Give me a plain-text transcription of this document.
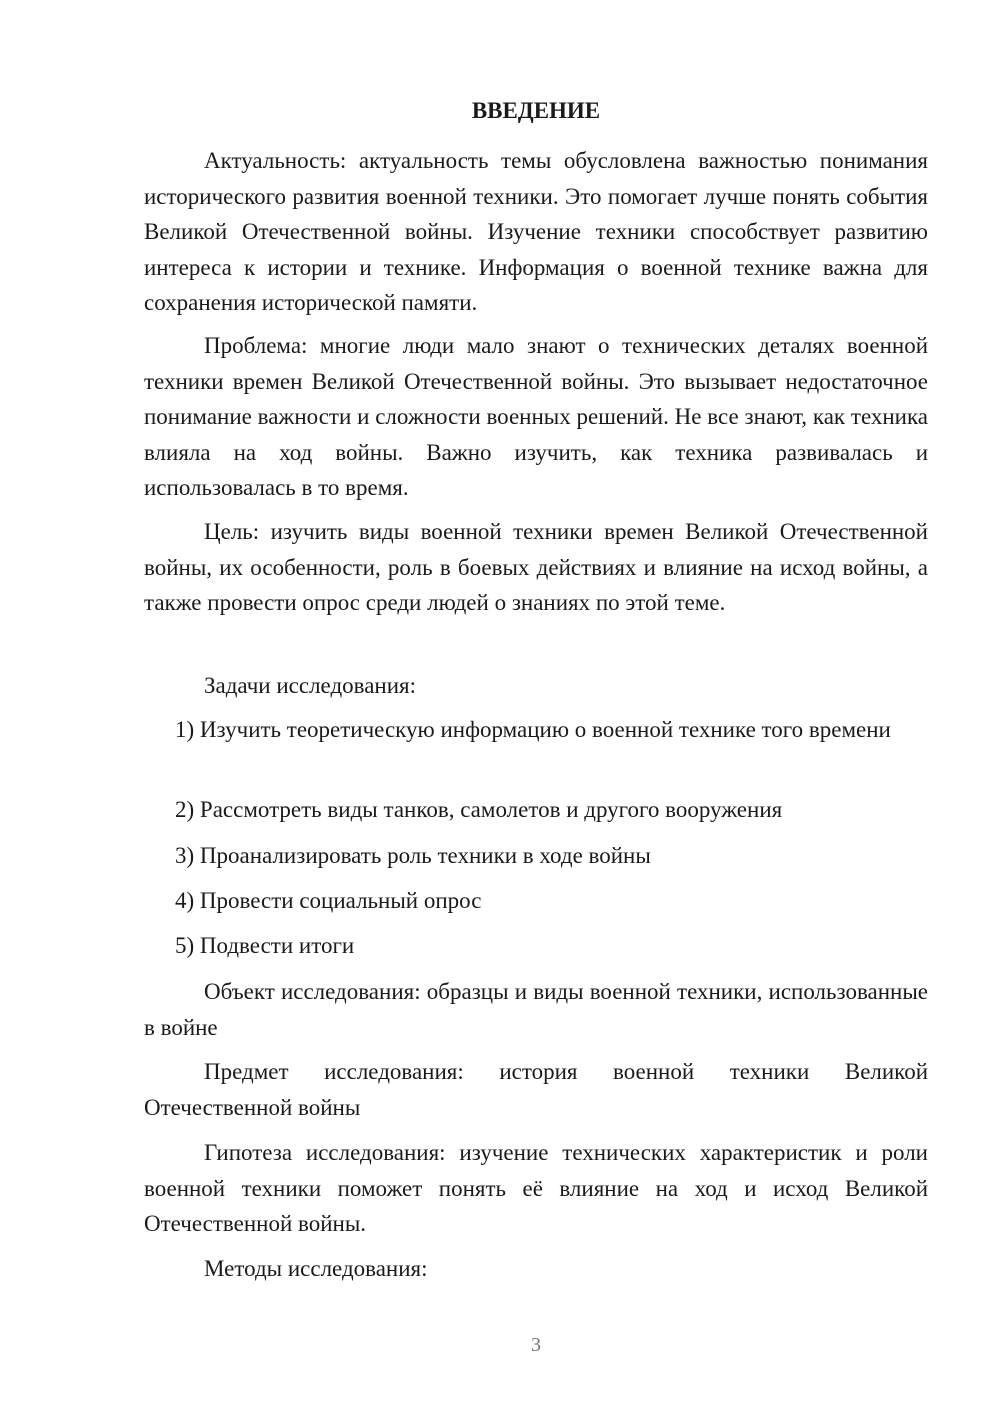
ВВЕДЕНИЕ

Актуальность: актуальность темы обусловлена важностью понимания исторического развития военной техники. Это помогает лучше понять события Великой Отечественной войны. Изучение техники способствует развитию интереса к истории и технике. Информация о военной технике важна для сохранения исторической памяти.

Проблема: многие люди мало знают о технических деталях военной техники времен Великой Отечественной войны. Это вызывает недостаточное понимание важности и сложности военных решений. Не все знают, как техника влияла на ход войны. Важно изучить, как техника развивалась и использовалась в то время.

Цель: изучить виды военной техники времен Великой Отечественной войны, их особенности, роль в боевых действиях и влияние на исход войны, а также провести опрос среди людей о знаниях по этой теме.

Задачи исследования:

1) Изучить теоретическую информацию о военной технике того времени

2) Рассмотреть виды танков, самолетов и другого вооружения

3) Проанализировать роль техники в ходе войны

4) Провести социальный опрос

5) Подвести итоги

Объект исследования: образцы и виды военной техники, использованные в войне

Предмет исследования: история военной техники Великой Отечественной войны

Гипотеза исследования: изучение технических характеристик и роли военной техники поможет понять её влияние на ход и исход Великой Отечественной войны.

Методы исследования:

3
